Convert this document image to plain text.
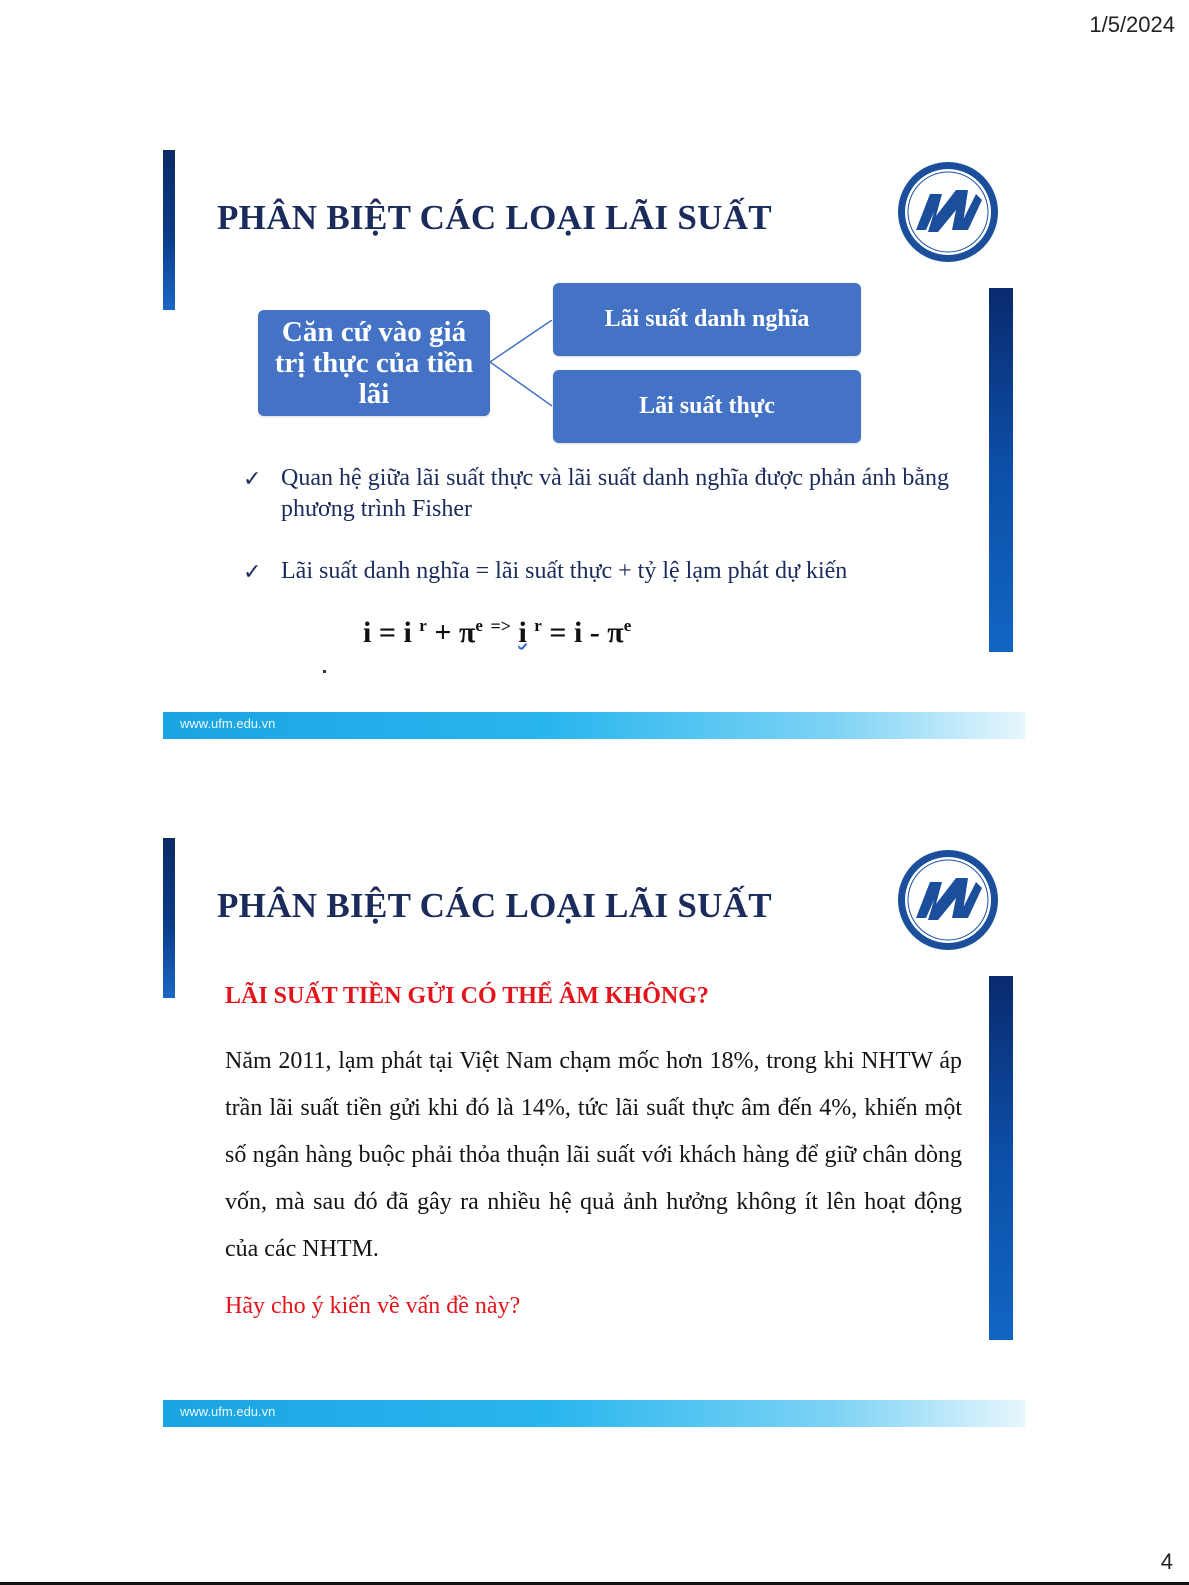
1/5/2024
PHÂN BIỆT CÁC LOẠI LÃI SUẤT
Căn cứ vào giá trị thực của tiền lãi
Lãi suất danh nghĩa
Lãi suất thực
✓ Quan hệ giữa lãi suất thực và lãi suất danh nghĩa được phản ánh bằng phương trình Fisher
✓ Lãi suất danh nghĩa = lãi suất thực + tỷ lệ lạm phát dự kiến
i = i $^r + \pi^e$ => i $^r = i - \pi^e$
www.ufm.edu.vn
PHÂN BIỆT CÁC LOẠI LÃI SUẤT

LÃI SUẤT TIỀN GỬI CÓ THỂ ÂM KHÔNG?

Năm 2011, lạm phát tại Việt Nam chạm mốc hơn 18%, trong khi NHTW áp trần lãi suất tiền gửi khi đó là 14%, tức lãi suất thực âm đến 4%, khiến một số ngân hàng buộc phải thỏa thuận lãi suất với khách hàng để giữ chân dòng vốn, mà sau đó đã gây ra nhiều hệ quả ảnh hưởng không ít lên hoạt động của các NHTM.

Hãy cho ý kiến về vấn đề này?

www.ufm.edu.vn
4
